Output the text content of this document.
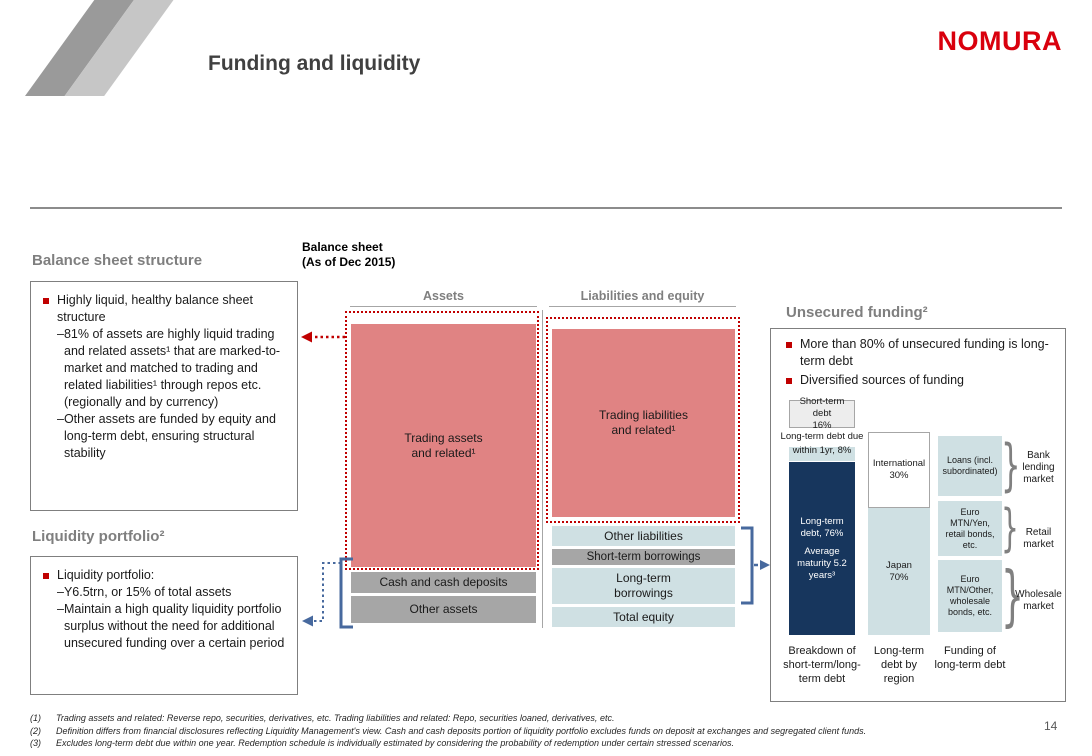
Funding and liquidity
NOMURA
Balance sheet structure
Highly liquid, healthy balance sheet structure
–81% of assets are highly liquid trading and related assets¹ that are marked-to-market and matched to trading and related liabilities¹ through repos etc. (regionally and by currency)
–Other assets are funded by equity and long-term debt, ensuring structural stability
Liquidity portfolio²
Liquidity portfolio:
–Y6.5trn, or 15% of total assets
–Maintain a high quality liquidity portfolio surplus without the need for additional unsecured funding over a certain period
Balance sheet
(As of Dec 2015)
Assets	Liabilities and equity
Trading assets
and related¹
Cash and cash deposits
Other assets
Trading liabilities
and related¹
Other liabilities
Short-term borrowings
Long-term
borrowings
Total equity
Unsecured funding²
More than 80% of unsecured funding is long-term debt
Diversified sources of funding
Short-term debt
16%
Long-term debt due
within 1yr, 8%
Long-term debt, 76%
Average maturity 5.2 years³
Breakdown of short-term/long-term debt
International
30%
Japan
70%
Long-term debt by region
Loans (incl. subordinated)
Euro MTN/Yen, retail bonds, etc.
Euro MTN/Other, wholesale bonds, etc.
Funding of long-term debt
}
}
}
Bank lending market
Retail market
Wholesale market
(1)	Trading assets and related: Reverse repo, securities, derivatives, etc. Trading liabilities and related: Repo, securities loaned, derivatives, etc.
(2)	Definition differs from financial disclosures reflecting Liquidity Management's view. Cash and cash deposits portion of liquidity portfolio excludes funds on deposit at exchanges and segregated client funds.
(3)	Excludes long-term debt due within one year. Redemption schedule is individually estimated by considering the probability of redemption under certain stressed scenarios.
14
